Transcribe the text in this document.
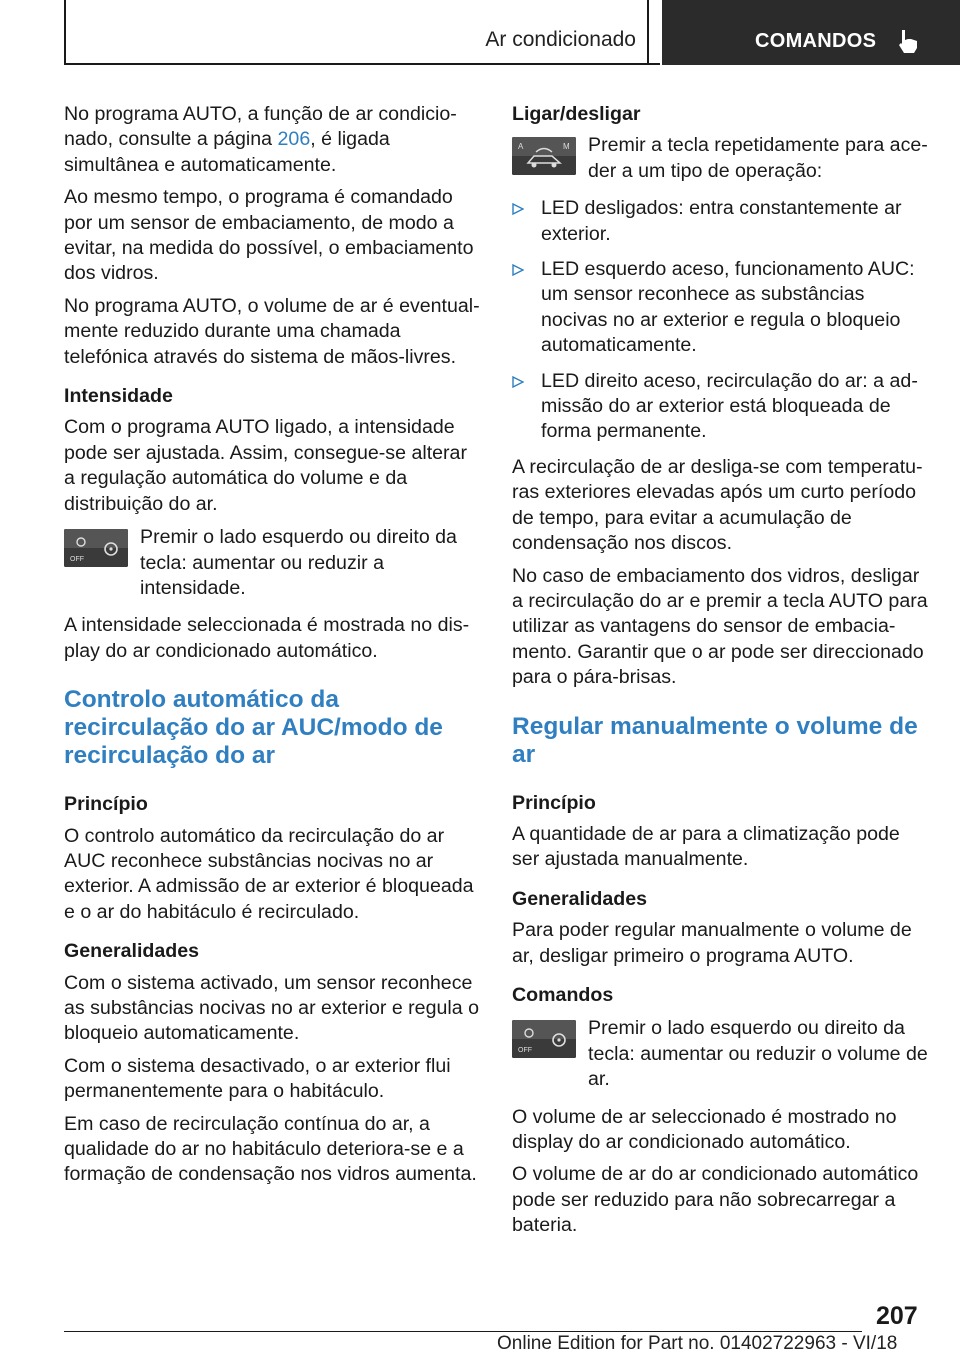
Ar condicionado	COMANDOS

No programa AUTO, a função de ar condicionado, consulte a página 206, é ligada simultânea e automaticamente.

Ao mesmo tempo, o programa é comandado por um sensor de embaciamento, de modo a evitar, na medida do possível, o embaciamento dos vidros.

No programa AUTO, o volume de ar é eventualmente reduzido durante uma chamada telefónica através do sistema de mãos-livres.

Intensidade

Com o programa AUTO ligado, a intensidade pode ser ajustada. Assim, consegue-se alterar a regulação automática do volume e da distribuição do ar.

OFF
Premir o lado esquerdo ou direito da tecla: aumentar ou reduzir a intensidade.

A intensidade seleccionada é mostrada no display do ar condicionado automático.

Controlo automático da recirculação do ar AUC/modo de recirculação do ar
Princípio

O controlo automático da recirculação do ar AUC reconhece substâncias nocivas no ar exterior. A admissão de ar exterior é bloqueada e o ar do habitáculo é recirculado.

Generalidades

Com o sistema activado, um sensor reconhece as substâncias nocivas no ar exterior e regula o bloqueio automaticamente.

Com o sistema desactivado, o ar exterior flui permanentemente para o habitáculo.

Em caso de recirculação contínua do ar, a qualidade do ar no habitáculo deteriora-se e a formação de condensação nos vidros aumenta.

Ligar/desligar
A	M Premir a tecla repetidamente para aceder a um tipo de operação:
LED desligados: entra constantemente ar exterior.
LED esquerdo aceso, funcionamento AUC: um sensor reconhece as substâncias nocivas no ar exterior e regula o bloqueio automaticamente.
LED direito aceso, recirculação do ar: a admissão do ar exterior está bloqueada de forma permanente.

A recirculação de ar desliga-se com temperaturas exteriores elevadas após um curto período de tempo, para evitar a acumulação de condensação nos discos.

No caso de embaciamento dos vidros, desligar a recirculação do ar e premir a tecla AUTO para utilizar as vantagens do sensor de embaciamento. Garantir que o ar pode ser direccionado para o pára-brisas.

Regular manualmente o volume de ar
Princípio

A quantidade de ar para a climatização pode ser ajustada manualmente.

Generalidades

Para poder regular manualmente o volume de ar, desligar primeiro o programa AUTO.

Comandos
OFF
Premir o lado esquerdo ou direito da tecla: aumentar ou reduzir o volume de ar.

O volume de ar seleccionado é mostrado no display do ar condicionado automático.

O volume de ar do ar condicionado automático pode ser reduzido para não sobrecarregar a bateria.

207
Online Edition for Part no. 01402722963 - VI/18
